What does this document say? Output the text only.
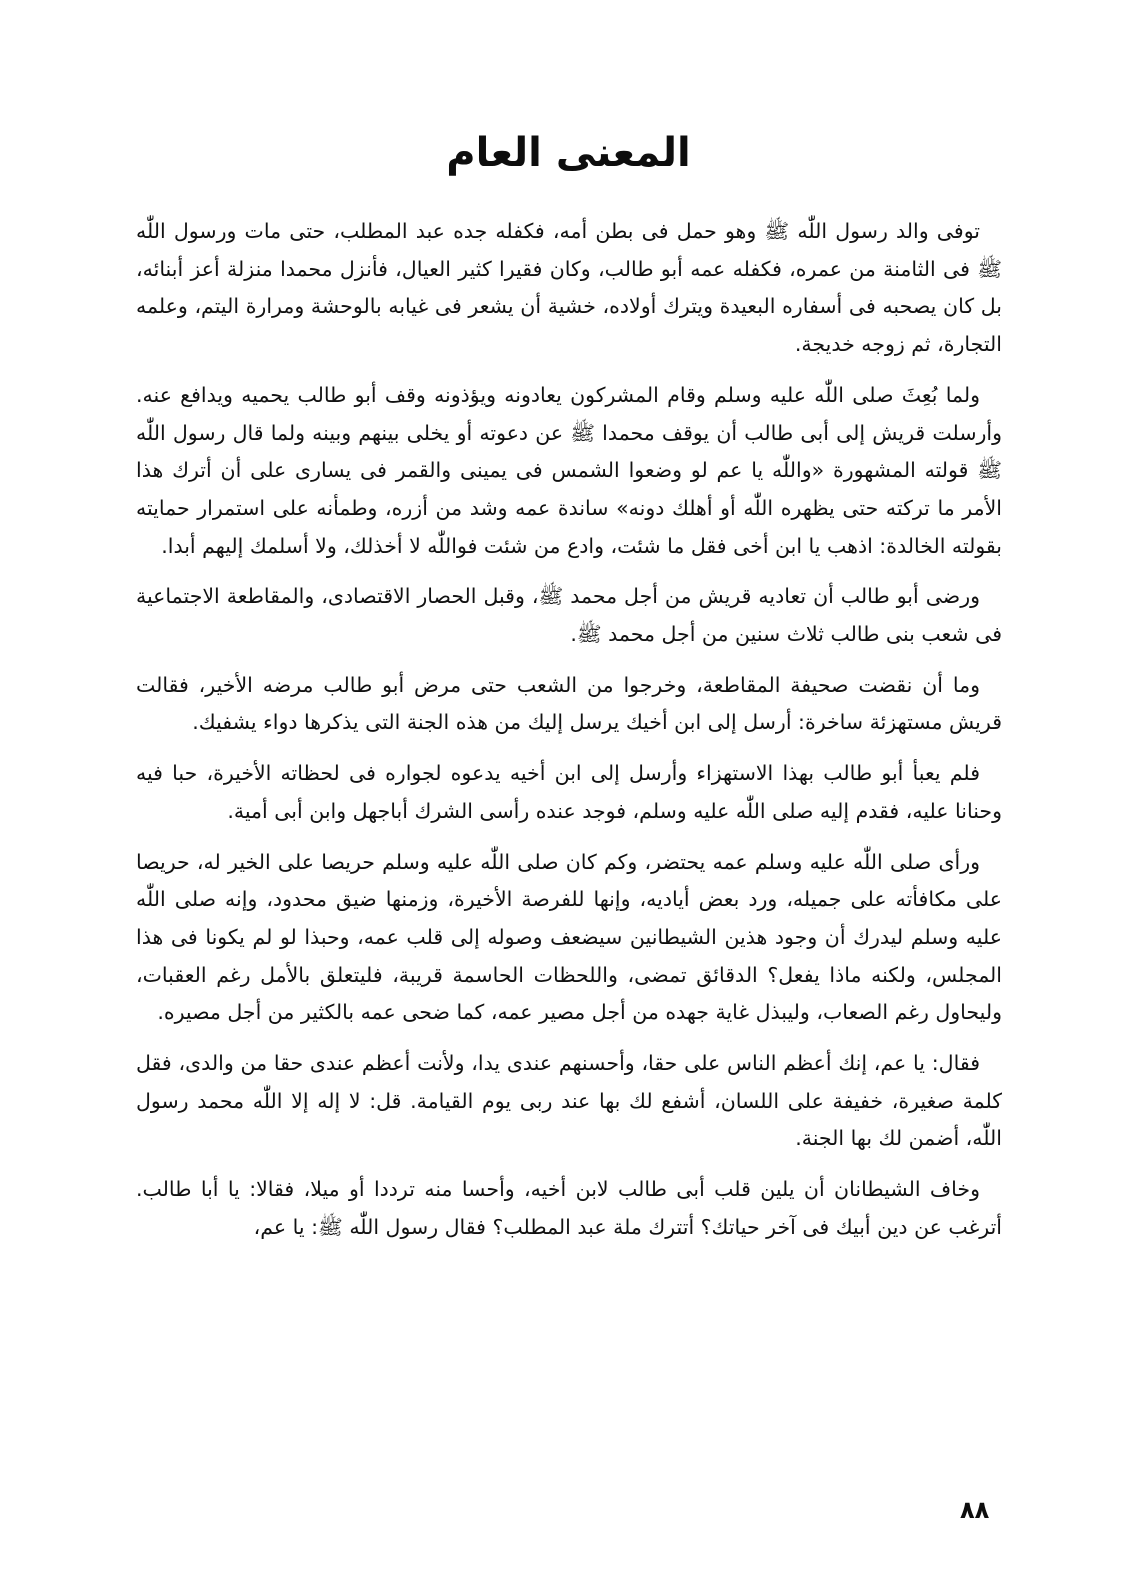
المعنى العام

توفى والد رسول اللّٰه ﷺ وهو حمل فى بطن أمه، فكفله جده عبد المطلب، حتى مات ورسول اللّٰه ﷺ فى الثامنة من عمره، فكفله عمه أبو طالب، وكان فقيرا كثير العيال، فأنزل محمدا منزلة أعز أبنائه، بل كان يصحبه فى أسفاره البعيدة ويترك أولاده، خشية أن يشعر فى غيابه بالوحشة ومرارة اليتم، وعلمه التجارة، ثم زوجه خديجة.

ولما بُعِثَ صلى اللّٰه عليه وسلم وقام المشركون يعادونه ويؤذونه وقف أبو طالب يحميه ويدافع عنه. وأرسلت قريش إلى أبى طالب أن يوقف محمدا ﷺ عن دعوته أو يخلى بينهم وبينه ولما قال رسول اللّٰه ﷺ قولته المشهورة «واللّٰه يا عم لو وضعوا الشمس فى يمينى والقمر فى يسارى على أن أترك هذا الأمر ما تركته حتى يظهره اللّٰه أو أهلك دونه» ساندة عمه وشد من أزره، وطمأنه على استمرار حمايته بقولته الخالدة: اذهب يا ابن أخى فقل ما شئت، وادع من شئت فواللّٰه لا أخذلك، ولا أسلمك إليهم أبدا.

ورضى أبو طالب أن تعاديه قريش من أجل محمد ﷺ، وقبل الحصار الاقتصادى، والمقاطعة الاجتماعية فى شعب بنى طالب ثلاث سنين من أجل محمد ﷺ.

وما أن نقضت صحيفة المقاطعة، وخرجوا من الشعب حتى مرض أبو طالب مرضه الأخير، فقالت قريش مستهزئة ساخرة: أرسل إلى ابن أخيك يرسل إليك من هذه الجنة التى يذكرها دواء يشفيك.

فلم يعبأ أبو طالب بهذا الاستهزاء وأرسل إلى ابن أخيه يدعوه لجواره فى لحظاته الأخيرة، حبا فيه وحنانا عليه، فقدم إليه صلى اللّٰه عليه وسلم، فوجد عنده رأسى الشرك أباجهل وابن أبى أمية.

ورأى صلى اللّٰه عليه وسلم عمه يحتضر، وكم كان صلى اللّٰه عليه وسلم حريصا على الخير له، حريصا على مكافأته على جميله، ورد بعض أياديه، وإنها للفرصة الأخيرة، وزمنها ضيق محدود، وإنه صلى اللّٰه عليه وسلم ليدرك أن وجود هذين الشيطانين سيضعف وصوله إلى قلب عمه، وحبذا لو لم يكونا فى هذا المجلس، ولكنه ماذا يفعل؟ الدقائق تمضى، واللحظات الحاسمة قريبة، فليتعلق بالأمل رغم العقبات، وليحاول رغم الصعاب، وليبذل غاية جهده من أجل مصير عمه، كما ضحى عمه بالكثير من أجل مصيره.

فقال: يا عم، إنك أعظم الناس على حقا، وأحسنهم عندى يدا، ولأنت أعظم عندى حقا من والدى، فقل كلمة صغيرة، خفيفة على اللسان، أشفع لك بها عند ربى يوم القيامة. قل: لا إله إلا اللّٰه محمد رسول اللّٰه، أضمن لك بها الجنة.

وخاف الشيطانان أن يلين قلب أبى طالب لابن أخيه، وأحسا منه ترددا أو ميلا، فقالا: يا أبا طالب. أترغب عن دين أبيك فى آخر حياتك؟ أتترك ملة عبد المطلب؟ فقال رسول اللّٰه ﷺ: يا عم،

٨٨
